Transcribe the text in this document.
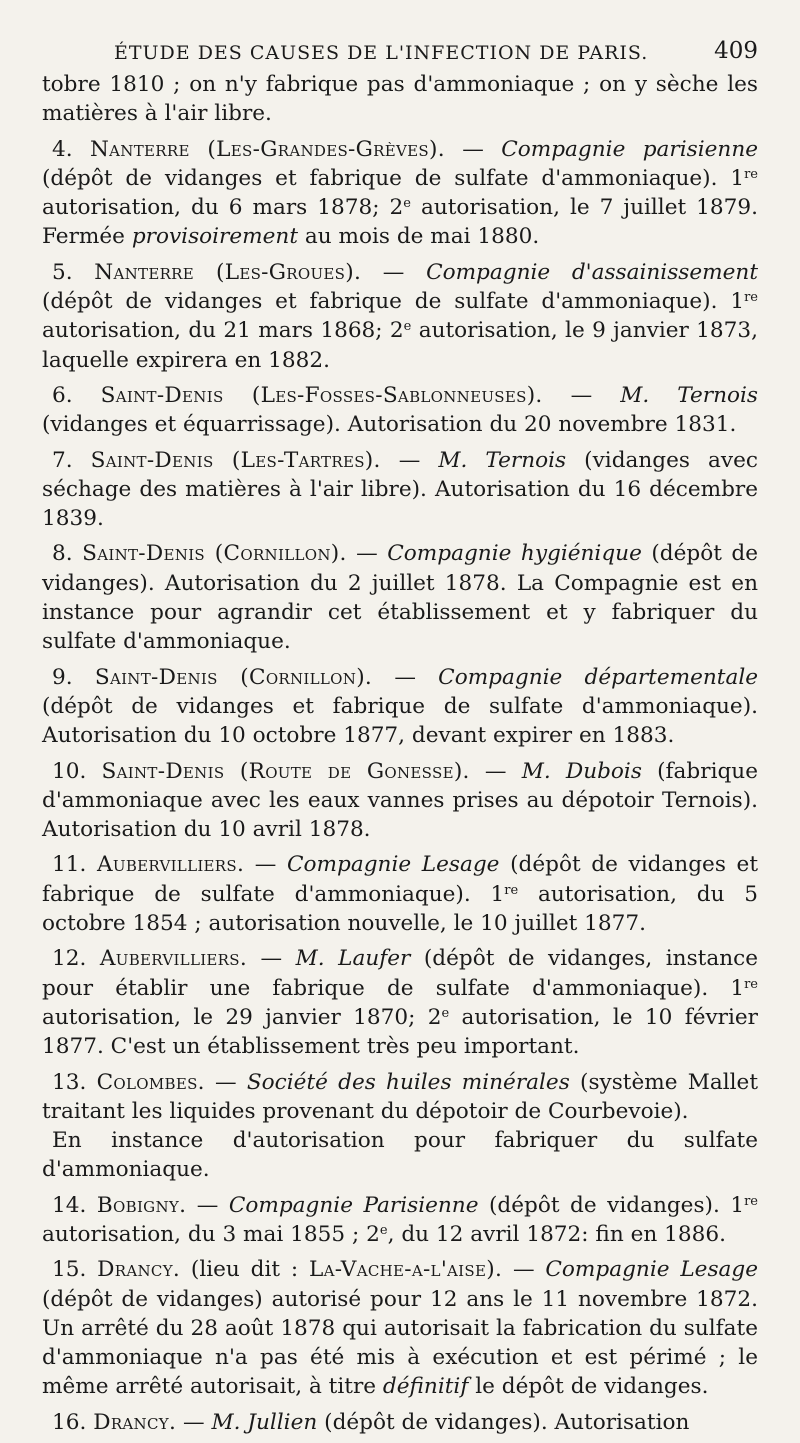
ÉTUDE DES CAUSES DE L'INFECTION DE PARIS.	409

tobre 1810 ; on n'y fabrique pas d'ammoniaque ; on y sèche les matières à l'air libre.

4. Nanterre (Les-Grandes-Grèves). — Compagnie parisienne (dépôt de vidanges et fabrique de sulfate d'ammoniaque). 1re autorisation, du 6 mars 1878; 2e autorisation, le 7 juillet 1879. Fermée provisoirement au mois de mai 1880.

5. Nanterre (Les-Groues). — Compagnie d'assainissement (dépôt de vidanges et fabrique de sulfate d'ammoniaque). 1re autorisation, du 21 mars 1868; 2e autorisation, le 9 janvier 1873, laquelle expirera en 1882.

6. Saint-Denis (Les-Fosses-Sablonneuses). — M. Ternois (vidanges et équarrissage). Autorisation du 20 novembre 1831.

7. Saint-Denis (Les-Tartres). — M. Ternois (vidanges avec séchage des matières à l'air libre). Autorisation du 16 décembre 1839.

8. Saint-Denis (Cornillon). — Compagnie hygiénique (dépôt de vidanges). Autorisation du 2 juillet 1878. La Compagnie est en instance pour agrandir cet établissement et y fabriquer du sulfate d'ammoniaque.

9. Saint-Denis (Cornillon). — Compagnie départementale (dépôt de vidanges et fabrique de sulfate d'ammoniaque). Autorisation du 10 octobre 1877, devant expirer en 1883.

10. Saint-Denis (Route de Gonesse). — M. Dubois (fabrique d'ammoniaque avec les eaux vannes prises au dépotoir Ternois). Autorisation du 10 avril 1878.

11. Aubervilliers. — Compagnie Lesage (dépôt de vidanges et fabrique de sulfate d'ammoniaque). 1re autorisation, du 5 octobre 1854 ; autorisation nouvelle, le 10 juillet 1877.

12. Aubervilliers. — M. Laufer (dépôt de vidanges, instance pour établir une fabrique de sulfate d'ammoniaque). 1re autorisation, le 29 janvier 1870; 2e autorisation, le 10 février 1877. C'est un établissement très peu important.

13. Colombes. — Société des huiles minérales (système Mallet traitant les liquides provenant du dépotoir de Courbevoie).

En instance d'autorisation pour fabriquer du sulfate d'ammoniaque.

14. Bobigny. — Compagnie Parisienne (dépôt de vidanges). 1re autorisation, du 3 mai 1855 ; 2e, du 12 avril 1872: fin en 1886.

15. Drancy. (lieu dit : La-Vache-a-l'aise). — Compagnie Lesage (dépôt de vidanges) autorisé pour 12 ans le 11 novembre 1872. Un arrêté du 28 août 1878 qui autorisait la fabrication du sulfate d'ammoniaque n'a pas été mis à exécution et est périmé ; le même arrêté autorisait, à titre définitif le dépôt de vidanges.

16. Drancy. — M. Jullien (dépôt de vidanges). Autorisation
